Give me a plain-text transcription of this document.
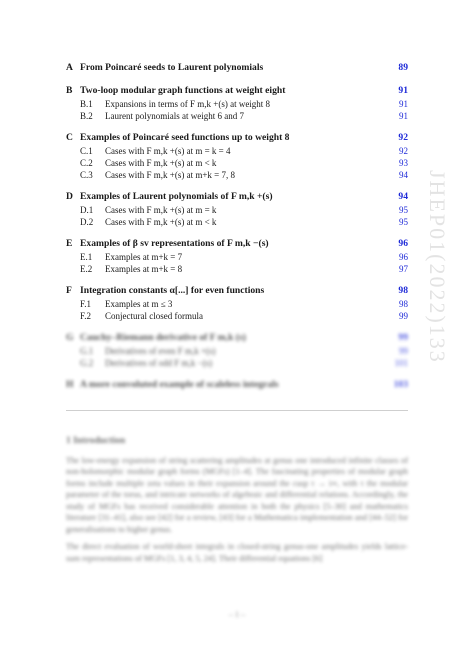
A From Poincaré seeds to Laurent polynomials	89
B Two-loop modular graph functions at weight eight	91
B.1	Expansions in terms of F m,k +(s) at weight 8	91
B.2	Laurent polynomials at weight 6 and 7	91
C Examples of Poincaré seed functions up to weight 8	92
C.1	Cases with F m,k +(s) at m = k = 4	92
C.2	Cases with F m,k +(s) at m < k	93
C.3	Cases with F m,k +(s) at m+k = 7, 8	94
D Examples of Laurent polynomials of F m,k +(s)	94
D.1	Cases with F m,k +(s) at m = k	95
D.2	Cases with F m,k +(s) at m < k	95
E Examples of β sv representations of F m,k −(s)	96
E.1	Examples at m+k = 7	96
E.2	Examples at m+k = 8	97
F Integration constants α[...] for even functions	98
F.1	Examples at m ≤ 3	98
F.2	Conjectural closed formula	99
G Cauchy–Riemann derivative of F m,k (s)	99
G.1	Derivatives of even F m,k +(s)	99
G.2	Derivatives of odd F m,k −(s)	101
H A more convoluted example of scaleless integrals	103
JHEP01(2022)133
1 Introduction

The low-energy expansion of string scattering amplitudes at genus one introduced infinite classes of non-holomorphic modular graph forms (MGFs) [1–4]. The fascinating properties of modular graph forms include multiple zeta values in their expansion around the cusp τ → i∞, with τ the modular parameter of the torus, and intricate networks of algebraic and differential relations. Accordingly, the study of MGFs has received considerable attention in both the physics [5–30] and mathematics literature [31–41], also see [42] for a review, [43] for a Mathematica implementation and [44–52] for generalisations to higher genus.

The direct evaluation of world-sheet integrals in closed-string genus-one amplitudes yields lattice-sum representations of MGFs [1, 3, 4, 5, 24]. Their differential equations [6]

– 1 –
